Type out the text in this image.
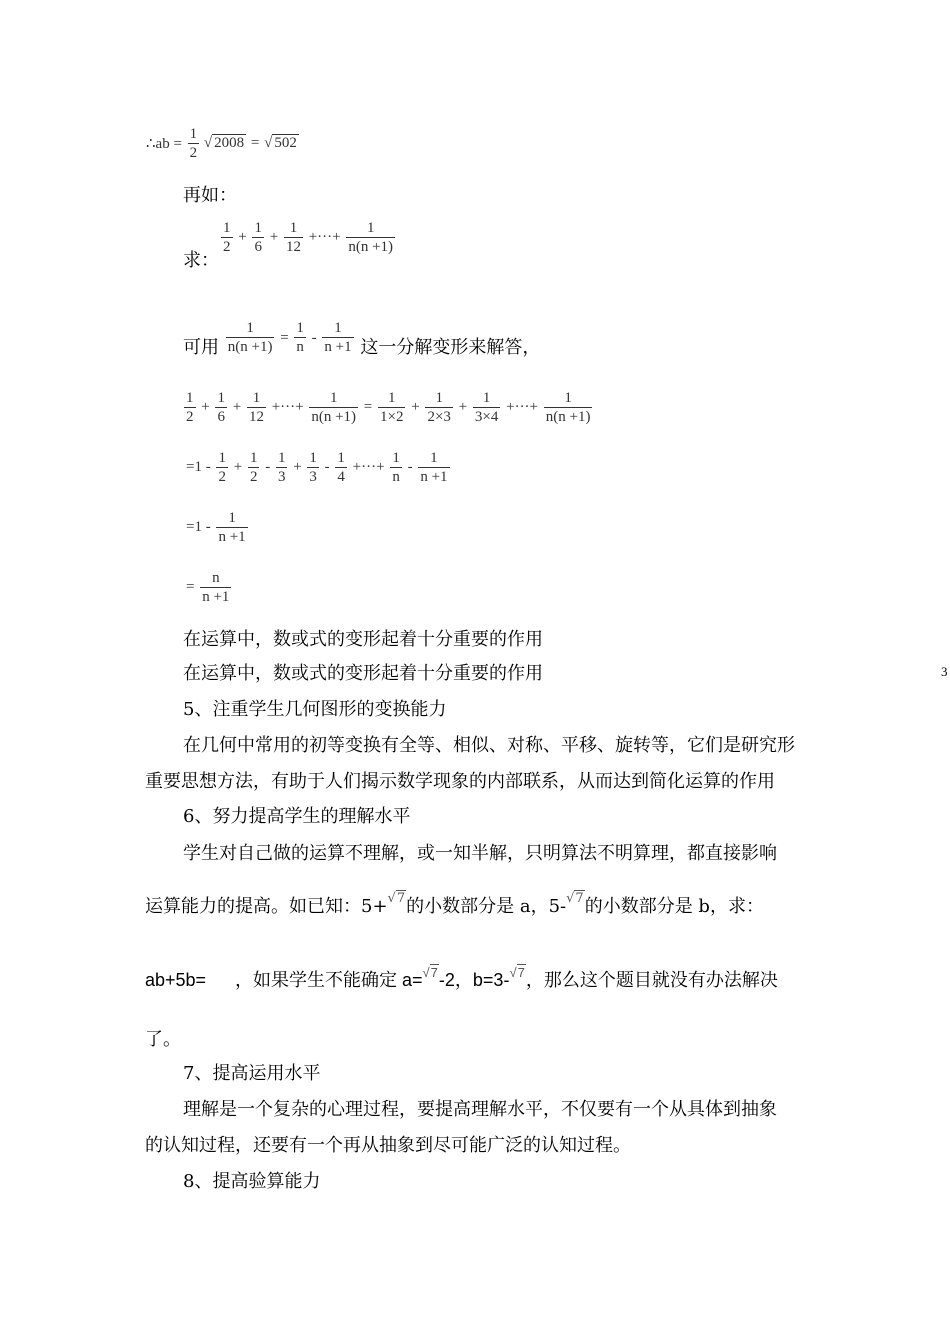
∴ab = $\frac{1}{2}$ √ 2008 = √ 502
再如：
$\frac{1}{2} + \frac{1}{6} + \frac{1}{12}$ +···+ $\frac{1}{n(n +1)}$
求：
可用 $\frac{1}{n(n +1)} = \frac{1}{n} - \frac{1}{n +1}$ 这一分解变形来解答，
$\frac{1}{2} + \frac{1}{6} + \frac{1}{12}$ +···+ $\frac{1}{n(n +1)} = \frac{1}{1\times 2} + \frac{1}{2\times 3} + \frac{1}{3\times 4}$ +···+ $\frac{1}{n(n +1)}$
$=1 - \frac{1}{2} + \frac{1}{2} - \frac{1}{3} + \frac{1}{3} - \frac{1}{4}$ +···+ $\frac{1}{n} - \frac{1}{n +1}$
$=1 - \frac{1}{n +1}$
= $\frac{n}{n +1}$
在运算中，数或式的变形起着十分重要的作用
在运算中，数或式的变形起着十分重要的作用	3
5、注重学生几何图形的变换能力
在几何中常用的初等变换有全等、相似、对称、平移、旋转等，它们是研究形
重要思想方法，有助于人们揭示数学现象的内部联系，从而达到简化运算的作用
6、努力提高学生的理解水平
学生对自己做的运算不理解，或一知半解，只明算法不明算理，都直接影响
运算能力的提高。如已知：5+√7的小数部分是 a，5-√7的小数部分是 b，求：
ab+5b= ，如果学生不能确定 a=√7-2，b=3-√7，那么这个题目就没有办法解决
了。
7、提高运用水平
理解是一个复杂的心理过程，要提高理解水平，不仅要有一个从具体到抽象
的认知过程，还要有一个再从抽象到尽可能广泛的认知过程。
8、提高验算能力
